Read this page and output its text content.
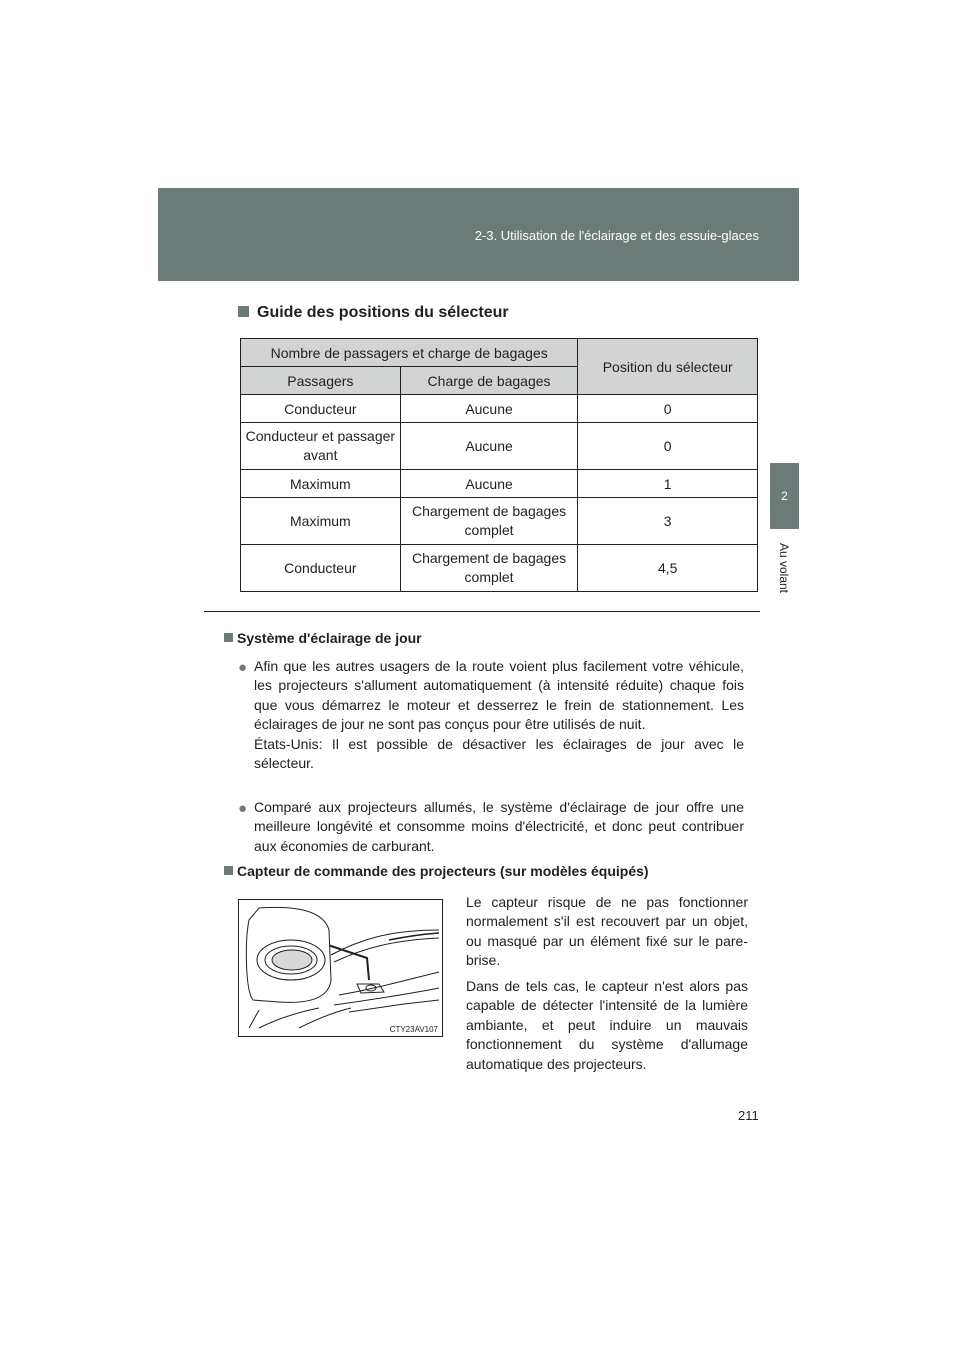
2-3. Utilisation de l'éclairage et des essuie-glaces
2
Au volant
Guide des positions du sélecteur
Nombre de passagers et charge de bagages		Position du sélecteur
Passagers	Charge de bagages	
Conducteur	Aucune	0
Conducteur et passager avant	Aucune	0
Maximum	Aucune	1
Maximum	Chargement de bagages complet	3
Conducteur	Chargement de bagages complet	4,5
Système d'éclairage de jour
● Afin que les autres usagers de la route voient plus facilement votre véhicule, les projecteurs s'allument automatiquement (à intensité réduite) chaque fois que vous démarrez le moteur et desserrez le frein de stationnement. Les éclairages de jour ne sont pas conçus pour être utilisés de nuit.

États-Unis: Il est possible de désactiver les éclairages de jour avec le sélecteur.

● Comparé aux projecteurs allumés, le système d'éclairage de jour offre une meilleure longévité et consomme moins d'électricité, et donc peut contribuer aux économies de carburant.

Capteur de commande des projecteurs (sur modèles équipés)
CTY23AV107

Le capteur risque de ne pas fonctionner normalement s'il est recouvert par un objet, ou masqué par un élément fixé sur le pare-brise.

Dans de tels cas, le capteur n'est alors pas capable de détecter l'intensité de la lumière ambiante, et peut induire un mauvais fonctionnement du système d'allumage automatique des projecteurs.

211
